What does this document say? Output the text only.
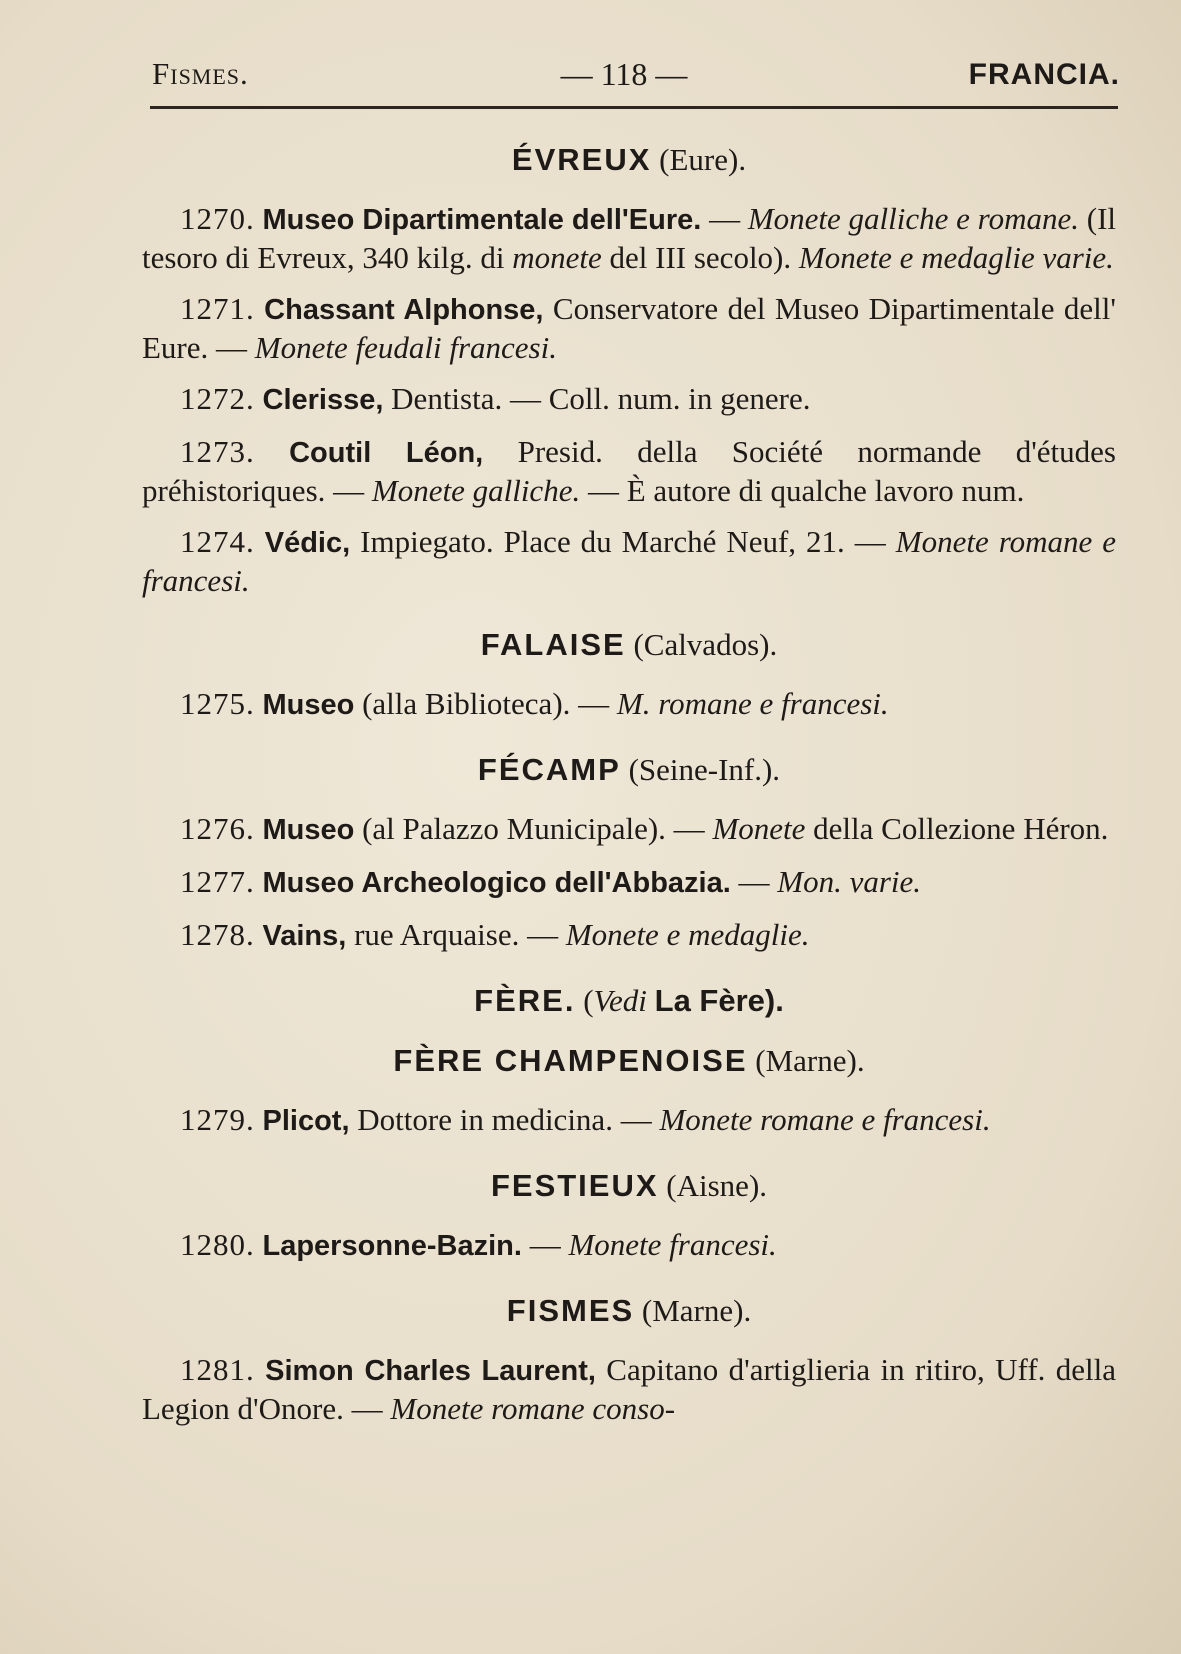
Fismes.	— 118 —	FRANCIA.
ÉVREUX (Eure).

1270. Museo Dipartimentale dell'Eure. — Monete galliche e romane. (Il tesoro di Evreux, 340 kilg. di monete del III secolo). Monete e medaglie varie.

1271. Chassant Alphonse, Conservatore del Museo Dipartimentale dell' Eure. — Monete feudali francesi.

1272. Clerisse, Dentista. — Coll. num. in genere.

1273. Coutil Léon, Presid. della Société normande d'études préhistoriques. — Monete galliche. — È autore di qualche lavoro num.

1274. Védic, Impiegato. Place du Marché Neuf, 21. — Monete romane e francesi.

FALAISE (Calvados).

1275. Museo (alla Biblioteca). — M. romane e francesi.

FÉCAMP (Seine-Inf.).

1276. Museo (al Palazzo Municipale). — Monete della Collezione Héron.

1277. Museo Archeologico dell'Abbazia. — Mon. varie.

1278. Vains, rue Arquaise. — Monete e medaglie.

FÈRE. (Vedi La Fère).
FÈRE CHAMPENOISE (Marne).

1279. Plicot, Dottore in medicina. — Monete romane e francesi.

FESTIEUX (Aisne).

1280. Lapersonne-Bazin. — Monete francesi.

FISMES (Marne).

1281. Simon Charles Laurent, Capitano d'artiglieria in ritiro, Uff. della Legion d'Onore. — Monete romane conso-
